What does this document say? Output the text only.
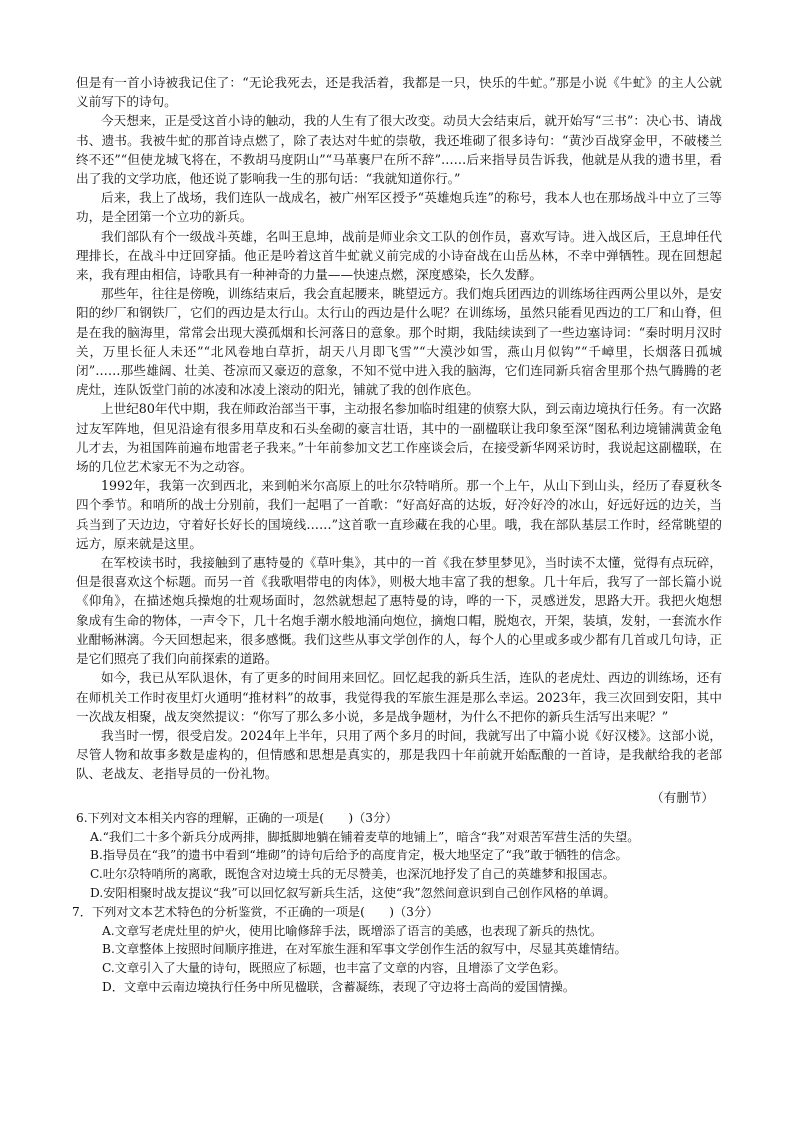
但是有一首小诗被我记住了：“无论我死去，还是我活着，我都是一只，快乐的牛虻。”那是小说《牛虻》的主人公就义前写下的诗句。

今天想来，正是受这首小诗的触动，我的人生有了很大改变。动员大会结束后，就开始写“三书”：决心书、请战书、遗书。我被牛虻的那首诗点燃了，除了表达对牛虻的崇敬，我还堆砌了很多诗句：“黄沙百战穿金甲，不破楼兰终不还”“但使龙城飞将在，不教胡马度阴山”“马革裹尸在所不辞”……后来指导员告诉我，他就是从我的遗书里，看出了我的文学功底，他还说了影响我一生的那句话：“我就知道你行。”

后来，我上了战场，我们连队一战成名，被广州军区授予“英雄炮兵连”的称号，我本人也在那场战斗中立了三等功，是全团第一个立功的新兵。

我们部队有个一级战斗英雄，名叫王息坤，战前是师业余文工队的创作员，喜欢写诗。进入战区后，王息坤任代理排长，在战斗中迂回穿插。他正是吟着这首牛虻就义前完成的小诗奋战在山岳丛林，不幸中弹牺牲。现在回想起来，我有理由相信，诗歌具有一种神奇的力量——快速点燃，深度感染，长久发酵。

那些年，往往是傍晚，训练结束后，我会直起腰来，眺望远方。我们炮兵团西边的训练场往西两公里以外，是安阳的纱厂和钢铁厂，它们的西边是太行山。太行山的西边是什么呢？在训练场，虽然只能看见西边的工厂和山脊，但是在我的脑海里，常常会出现大漠孤烟和长河落日的意象。那个时期，我陆续读到了一些边塞诗词：“秦时明月汉时关，万里长征人未还”“北风卷地白草折，胡天八月即飞雪”“大漠沙如雪，燕山月似钩”“千嶂里，长烟落日孤城闭”……那些雄阔、壮美、苍凉而又豪迈的意象，不知不觉中进入我的脑海，它们连同新兵宿舍里那个热气腾腾的老虎灶，连队饭堂门前的冰凌和冰凌上滚动的阳光，铺就了我的创作底色。

上世纪80年代中期，我在师政治部当干事，主动报名参加临时组建的侦察大队，到云南边境执行任务。有一次路过友军阵地，但见沿途有很多用草皮和石头垒砌的豪言壮语，其中的一副楹联让我印象至深“图私利边境铺满黄金龟儿才去，为祖国阵前遍布地雷老子我来。”十年前参加文艺工作座谈会后，在接受新华网采访时，我说起这副楹联，在场的几位艺术家无不为之动容。

1992年，我第一次到西北，来到帕米尔高原上的吐尔尕特哨所。那一个上午，从山下到山头，经历了春夏秋冬四个季节。和哨所的战士分别前，我们一起唱了一首歌：“好高好高的达坂，好冷好冷的冰山，好远好远的边关，当兵当到了天边边，守着好长好长的国境线……”这首歌一直珍藏在我的心里。哦，我在部队基层工作时，经常眺望的远方，原来就是这里。

在军校读书时，我接触到了惠特曼的《草叶集》，其中的一首《我在梦里梦见》，当时读不太懂，觉得有点玩碎，但是很喜欢这个标题。而另一首《我歌唱带电的肉体》，则极大地丰富了我的想象。几十年后，我写了一部长篇小说《仰角》，在描述炮兵操炮的壮观场面时，忽然就想起了惠特曼的诗，哗的一下，灵感迸发，思路大开。我把火炮想象成有生命的物体，一声令下，几十名炮手潮水般地涌向炮位，摘炮口帽，脱炮衣，开架，装填，发射，一套流水作业酣畅淋漓。今天回想起来，很多感慨。我们这些从事文学创作的人，每个人的心里或多或少都有几首或几句诗，正是它们照亮了我们向前探索的道路。

如今，我已从军队退休，有了更多的时间用来回忆。回忆起我的新兵生活，连队的老虎灶、西边的训练场，还有在师机关工作时夜里灯火通明“推材料”的故事，我觉得我的军旅生涯是那么幸运。2023年，我三次回到安阳，其中一次战友相聚，战友突然提议：“你写了那么多小说，多是战争题材，为什么不把你的新兵生活写出来呢？”

我当时一愣，很受启发。2024年上半年，只用了两个多月的时间，我就写出了中篇小说《好汉楼》。这部小说，尽管人物和故事多数是虚构的，但情感和思想是真实的，那是我四十年前就开始酝酿的一首诗，是我献给我的老部队、老战友、老指导员的一份礼物。

（有删节）

6.下列对文本相关内容的理解，正确的一项是(　　)（3分）

A.“我们二十多个新兵分成两排，脚抵脚地躺在铺着麦草的地铺上”，暗含“我”对艰苦军营生活的失望。

B.指导员在“我”的遗书中看到“堆砌”的诗句后给予的高度肯定，极大地坚定了“我”敢于牺牲的信念。

C.吐尔尕特哨所的离歌，既饱含对边境士兵的无尽赞美，也深沉地抒发了自己的英雄梦和报国志。

D.安阳相聚时战友提议“我”可以回忆叙写新兵生活，这使“我”忽然间意识到自己创作风格的单调。

7．下列对文本艺术特色的分析鉴赏，不正确的一项是(　　)（3分）

A.文章写老虎灶里的炉火，使用比喻修辞手法，既增添了语言的美感，也表现了新兵的热忱。

B.文章整体上按照时间顺序推进，在对军旅生涯和军事文学创作生活的叙写中，尽显其英雄情结。

C.文章引入了大量的诗句，既照应了标题，也丰富了文章的内容，且增添了文学色彩。

D．文章中云南边境执行任务中所见楹联，含蓄凝练，表现了守边将士高尚的爱国情操。
